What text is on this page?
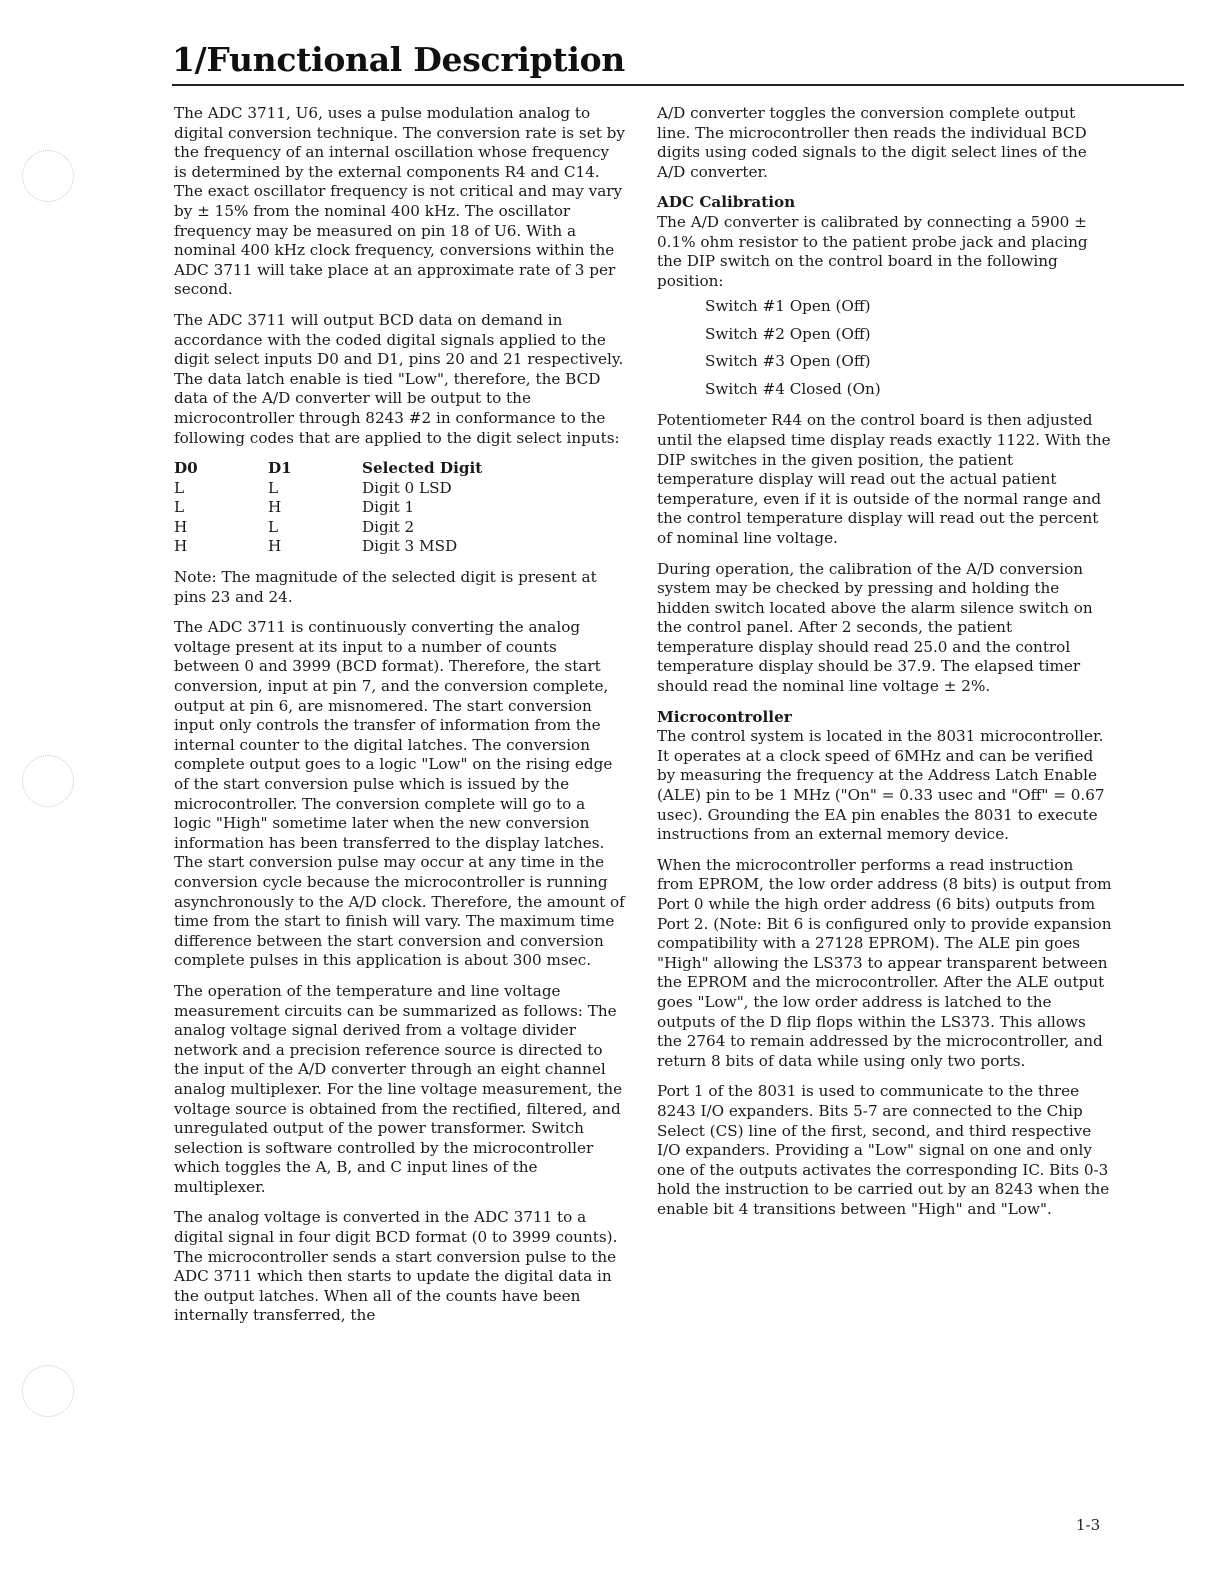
1/Functional Description

The ADC 3711, U6, uses a pulse modulation analog to digital conversion technique. The conversion rate is set by the frequency of an internal oscillation whose frequency is determined by the external components R4 and C14. The exact oscillator frequency is not critical and may vary by ± 15% from the nominal 400 kHz. The oscillator frequency may be measured on pin 18 of U6. With a nominal 400 kHz clock frequency, conversions within the ADC 3711 will take place at an approximate rate of 3 per second.

The ADC 3711 will output BCD data on demand in accordance with the coded digital signals applied to the digit select inputs D0 and D1, pins 20 and 21 respectively. The data latch enable is tied "Low", therefore, the BCD data of the A/D converter will be output to the microcontroller through 8243 #2 in conformance to the following codes that are applied to the digit select inputs:

D0	D1	Selected Digit
L	L	Digit 0 LSD
L	H	Digit 1
H	L	Digit 2
H	H	Digit 3 MSD

Note: The magnitude of the selected digit is present at pins 23 and 24.

The ADC 3711 is continuously converting the analog voltage present at its input to a number of counts between 0 and 3999 (BCD format). Therefore, the start conversion, input at pin 7, and the conversion complete, output at pin 6, are misnomered. The start conversion input only controls the transfer of information from the internal counter to the digital latches. The conversion complete output goes to a logic "Low" on the rising edge of the start conversion pulse which is issued by the microcontroller. The conversion complete will go to a logic "High" sometime later when the new conversion information has been transferred to the display latches. The start conversion pulse may occur at any time in the conversion cycle because the microcontroller is running asynchronously to the A/D clock. Therefore, the amount of time from the start to finish will vary. The maximum time difference between the start conversion and conversion complete pulses in this application is about 300 msec.

The operation of the temperature and line voltage measurement circuits can be summarized as follows: The analog voltage signal derived from a voltage divider network and a precision reference source is directed to the input of the A/D converter through an eight channel analog multiplexer. For the line voltage measurement, the voltage source is obtained from the rectified, filtered, and unregulated output of the power transformer. Switch selection is software controlled by the microcontroller which toggles the A, B, and C input lines of the multiplexer.

The analog voltage is converted in the ADC 3711 to a digital signal in four digit BCD format (0 to 3999 counts). The microcontroller sends a start conversion pulse to the ADC 3711 which then starts to update the digital data in the output latches. When all of the counts have been internally transferred, the

A/D converter toggles the conversion complete output line. The microcontroller then reads the individual BCD digits using coded signals to the digit select lines of the A/D converter.

ADC Calibration

The A/D converter is calibrated by connecting a 5900 ± 0.1% ohm resistor to the patient probe jack and placing the DIP switch on the control board in the following position:

Switch #1 Open (Off)
Switch #2 Open (Off)
Switch #3 Open (Off)
Switch #4 Closed (On)

Potentiometer R44 on the control board is then adjusted until the elapsed time display reads exactly 1122. With the DIP switches in the given position, the patient temperature display will read out the actual patient temperature, even if it is outside of the normal range and the control temperature display will read out the percent of nominal line voltage.

During operation, the calibration of the A/D conversion system may be checked by pressing and holding the hidden switch located above the alarm silence switch on the control panel. After 2 seconds, the patient temperature display should read 25.0 and the control temperature display should be 37.9. The elapsed timer should read the nominal line voltage ± 2%.

Microcontroller

The control system is located in the 8031 microcontroller. It operates at a clock speed of 6MHz and can be verified by measuring the frequency at the Address Latch Enable (ALE) pin to be 1 MHz ("On" = 0.33 usec and "Off" = 0.67 usec). Grounding the EA pin enables the 8031 to execute instructions from an external memory device.

When the microcontroller performs a read instruction from EPROM, the low order address (8 bits) is output from Port 0 while the high order address (6 bits) outputs from Port 2. (Note: Bit 6 is configured only to provide expansion compatibility with a 27128 EPROM). The ALE pin goes "High" allowing the LS373 to appear transparent between the EPROM and the microcontroller. After the ALE output goes "Low", the low order address is latched to the outputs of the D flip flops within the LS373. This allows the 2764 to remain addressed by the microcontroller, and return 8 bits of data while using only two ports.

Port 1 of the 8031 is used to communicate to the three 8243 I/O expanders. Bits 5-7 are connected to the Chip Select (CS) line of the first, second, and third respective I/O expanders. Providing a "Low" signal on one and only one of the outputs activates the corresponding IC. Bits 0-3 hold the instruction to be carried out by an 8243 when the enable bit 4 transitions between "High" and "Low".

1-3
